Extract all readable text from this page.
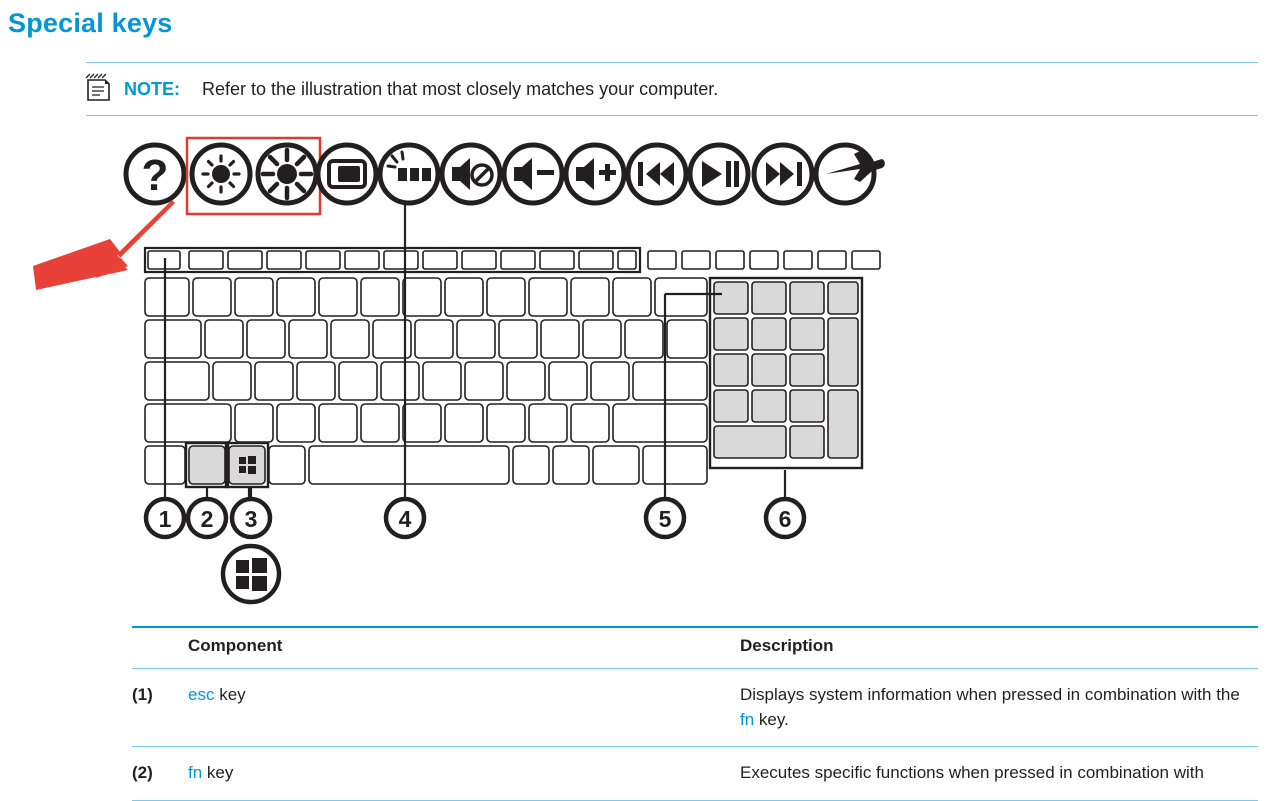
Special keys
NOTE: Refer to the illustration that most closely matches your computer.
?
1 2 3	4	5	6
	Component	Description
(1)	esc key	Displays system information when pressed in combination with the fn key.
(2)	fn key	Executes specific functions when pressed in combination with
